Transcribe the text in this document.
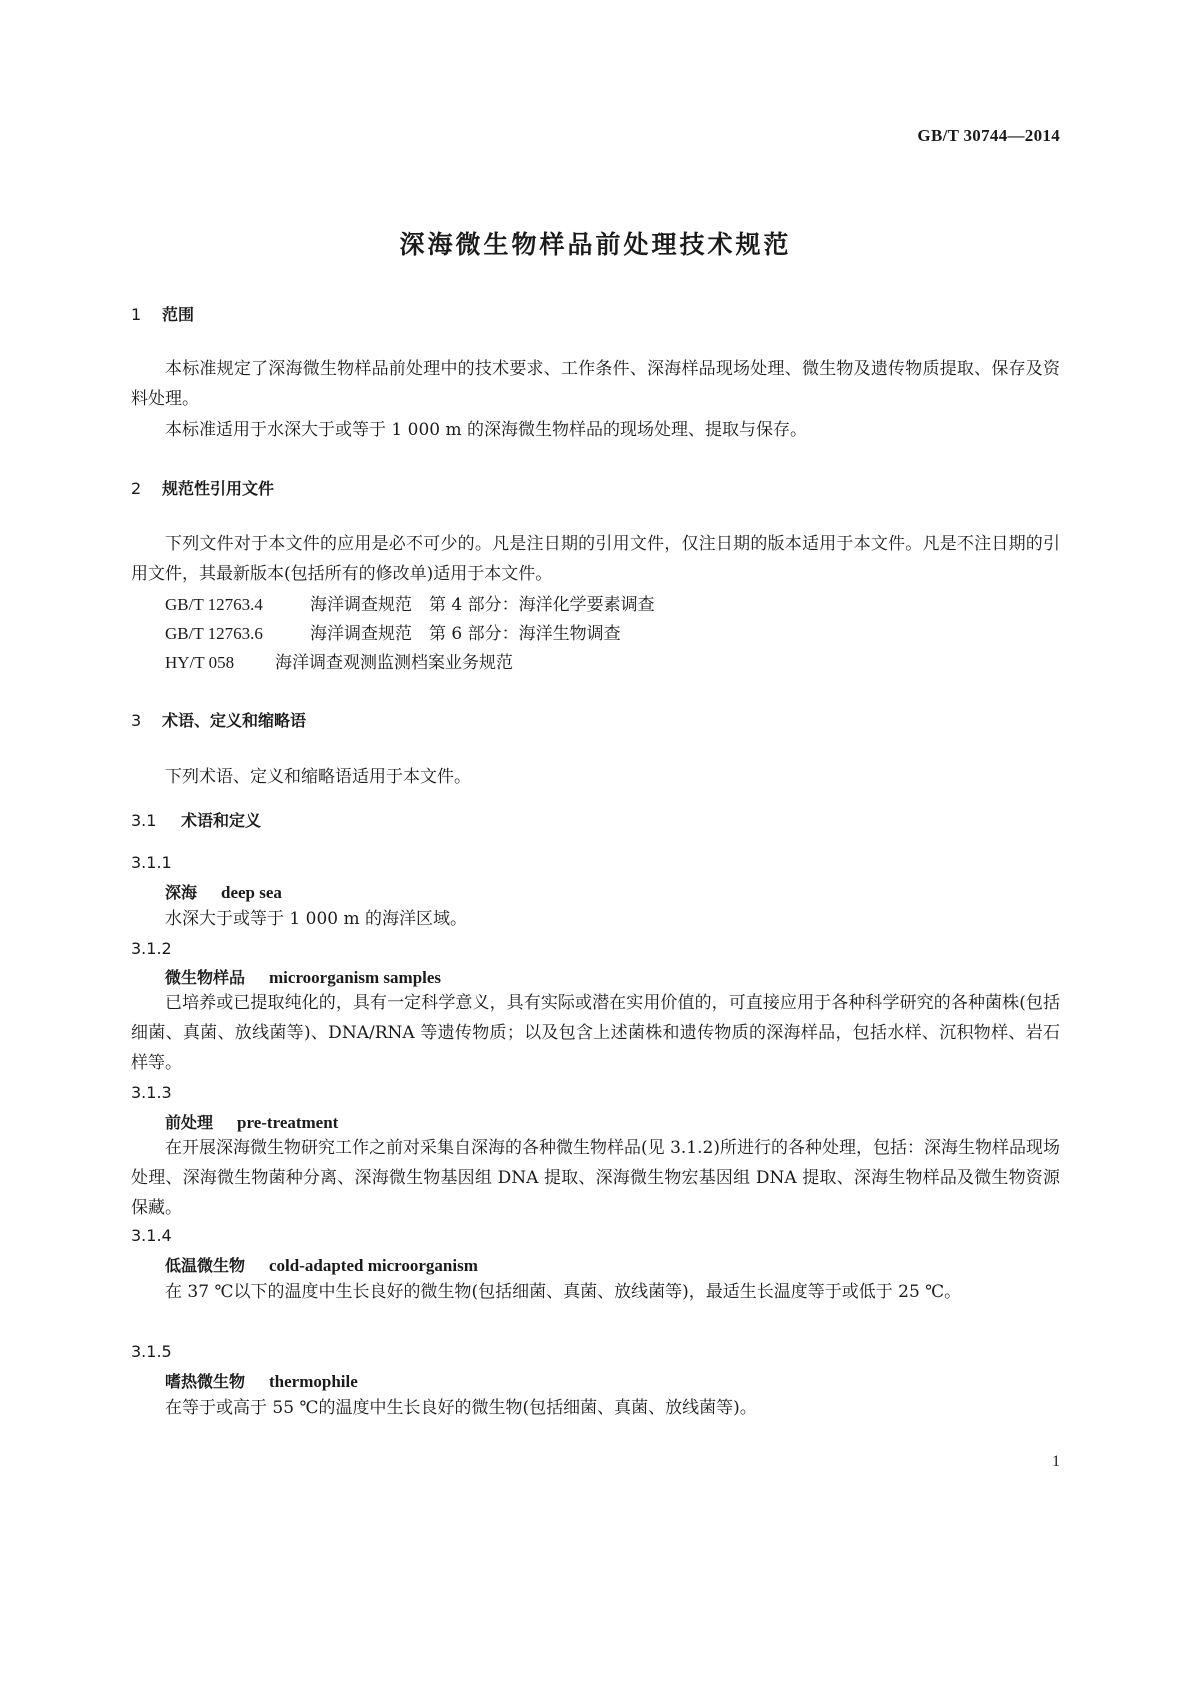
GB/T 30744—2014
深海微生物样品前处理技术规范
1 范围
本标准规定了深海微生物样品前处理中的技术要求、工作条件、深海样品现场处理、微生物及遗传物质提取、保存及资料处理。
本标准适用于水深大于或等于 1 000 m 的深海微生物样品的现场处理、提取与保存。
2 规范性引用文件
下列文件对于本文件的应用是必不可少的。凡是注日期的引用文件，仅注日期的版本适用于本文件。凡是不注日期的引用文件，其最新版本(包括所有的修改单)适用于本文件。
GB/T 12763.4	海洋调查规范　第 4 部分：海洋化学要素调查
GB/T 12763.6	海洋调查规范　第 6 部分：海洋生物调查
HY/T 058 海洋调查观测监测档案业务规范
3 术语、定义和缩略语
下列术语、定义和缩略语适用于本文件。
3.1 术语和定义
3.1.1
深海 deep sea
水深大于或等于 1 000 m 的海洋区域。
3.1.2
微生物样品 microorganism samples
已培养或已提取纯化的，具有一定科学意义，具有实际或潜在实用价值的，可直接应用于各种科学研究的各种菌株(包括细菌、真菌、放线菌等)、DNA/RNA 等遗传物质；以及包含上述菌株和遗传物质的深海样品，包括水样、沉积物样、岩石样等。
3.1.3
前处理 pre-treatment
在开展深海微生物研究工作之前对采集自深海的各种微生物样品(见 3.1.2)所进行的各种处理，包括：深海生物样品现场处理、深海微生物菌种分离、深海微生物基因组 DNA 提取、深海微生物宏基因组 DNA 提取、深海生物样品及微生物资源保藏。
3.1.4
低温微生物 cold-adapted microorganism
在 37 ℃以下的温度中生长良好的微生物(包括细菌、真菌、放线菌等)，最适生长温度等于或低于 25 ℃。
3.1.5
嗜热微生物 thermophile
在等于或高于 55 ℃的温度中生长良好的微生物(包括细菌、真菌、放线菌等)。
1
